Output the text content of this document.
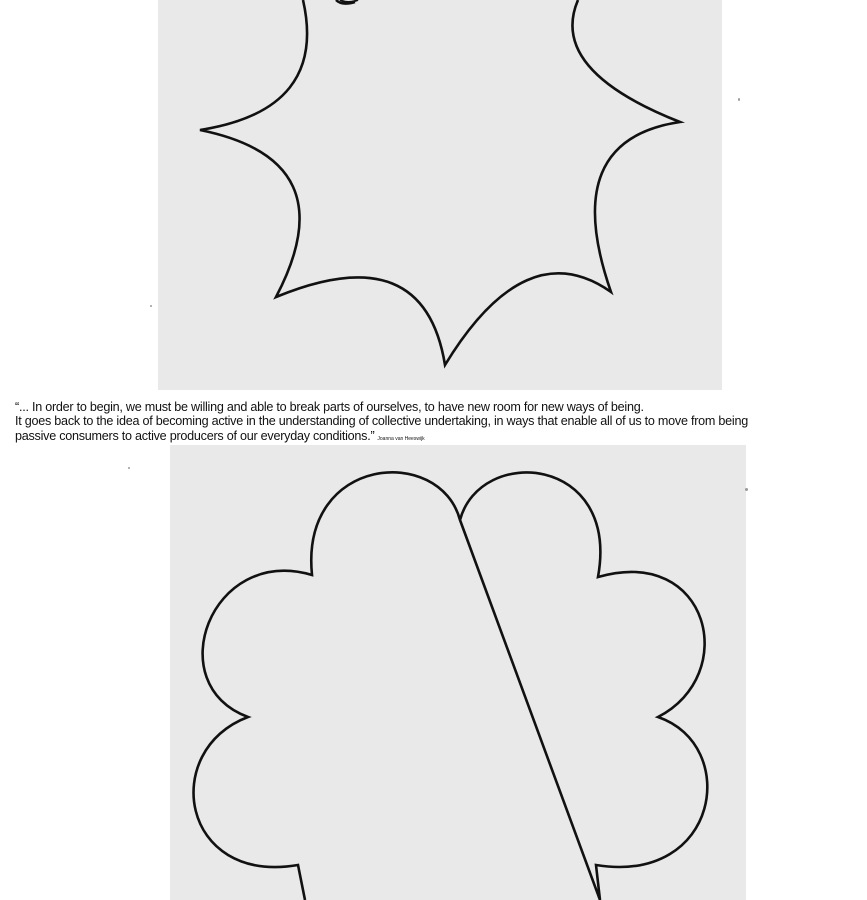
“... In order to begin, we must be willing and able to break parts of ourselves, to have new room for new ways of being.
It goes back to the idea of becoming active in the understanding of collective undertaking, in ways that enable all of us to move from being
passive consumers to active producers of our everyday conditions.” Joanna van Heeswijk
